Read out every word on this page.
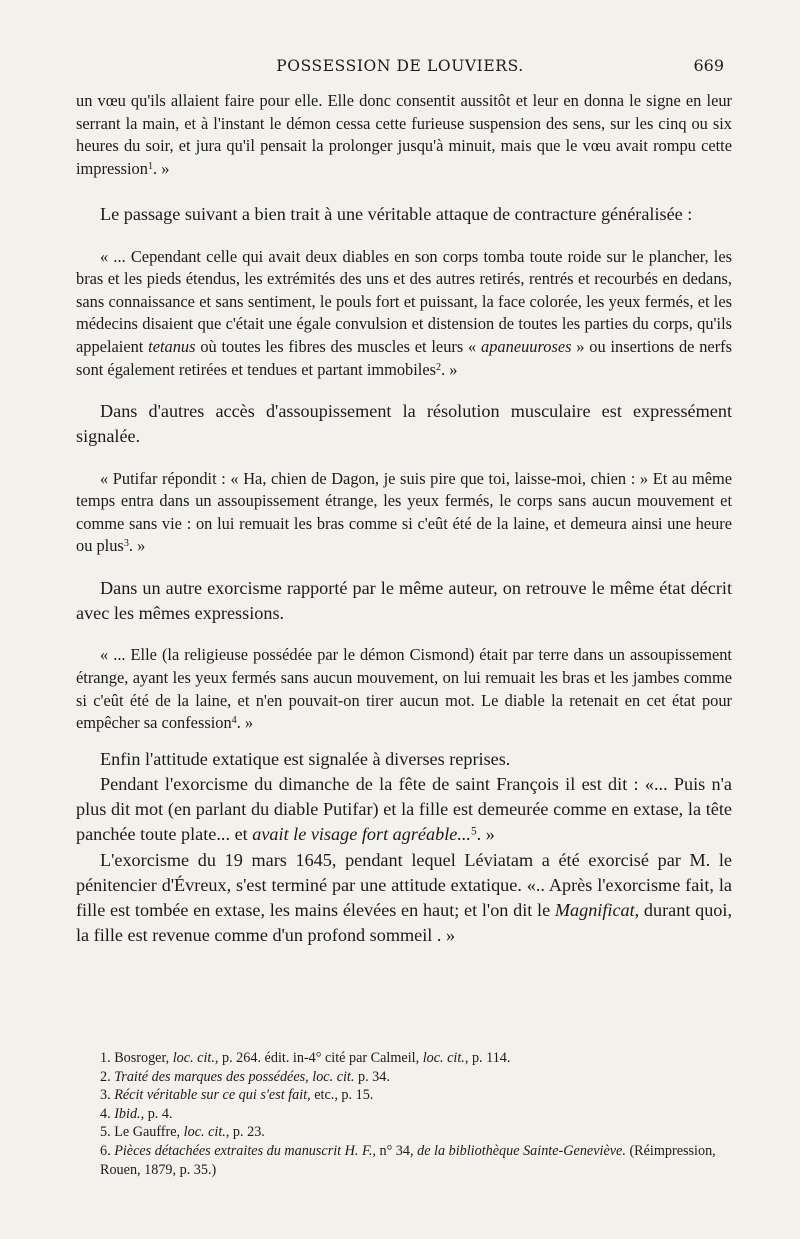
POSSESSION DE LOUVIERS.	669

un vœu qu'ils allaient faire pour elle. Elle donc consentit aussitôt et leur en donna le signe en leur serrant la main, et à l'instant le démon cessa cette furieuse suspension des sens, sur les cinq ou six heures du soir, et jura qu'il pensait la prolonger jusqu'à minuit, mais que le vœu avait rompu cette impression$^1$. »

Le passage suivant a bien trait à une véritable attaque de contracture généralisée :

« ... Cependant celle qui avait deux diables en son corps tomba toute roide sur le plancher, les bras et les pieds étendus, les extrémités des uns et des autres retirés, rentrés et recourbés en dedans, sans connaissance et sans sentiment, le pouls fort et puissant, la face colorée, les yeux fermés, et les médecins disaient que c'était une égale convulsion et distension de toutes les parties du corps, qu'ils appelaient tetanus où toutes les fibres des muscles et leurs « apaneuuroses » ou insertions de nerfs sont également retirées et tendues et partant immobiles$^2$. »

Dans d'autres accès d'assoupissement la résolution musculaire est expressément signalée.

« Putifar répondit : « Ha, chien de Dagon, je suis pire que toi, laisse-moi, chien : » Et au même temps entra dans un assoupissement étrange, les yeux fermés, le corps sans aucun mouvement et comme sans vie : on lui remuait les bras comme si c'eût été de la laine, et demeura ainsi une heure ou plus$^3$. »

Dans un autre exorcisme rapporté par le même auteur, on retrouve le même état décrit avec les mêmes expressions.

« ... Elle (la religieuse possédée par le démon Cismond) était par terre dans un assoupissement étrange, ayant les yeux fermés sans aucun mouvement, on lui remuait les bras et les jambes comme si c'eût été de la laine, et n'en pouvait-on tirer aucun mot. Le diable la retenait en cet état pour empêcher sa confession$^4$. »

Enfin l'attitude extatique est signalée à diverses reprises.

Pendant l'exorcisme du dimanche de la fête de saint François il est dit : «... Puis n'a plus dit mot (en parlant du diable Putifar) et la fille est demeurée comme en extase, la tête panchée toute plate... et avait le visage fort agréable...$^5$. »

L'exorcisme du 19 mars 1645, pendant lequel Léviatam a été exorcisé par M. le pénitencier d'Évreux, s'est terminé par une attitude extatique. «.. Après l'exorcisme fait, la fille est tombée en extase, les mains élevées en haut; et l'on dit le Magnificat, durant quoi, la fille est revenue comme d'un profond sommeil . »

1. Bosroger, loc. cit., p. 264. édit. in-4° cité par Calmeil, loc. cit., p. 114.

2. Traité des marques des possédées, loc. cit. p. 34.

3. Récit véritable sur ce qui s'est fait, etc., p. 15.

4. Ibid., p. 4.

5. Le Gauffre, loc. cit., p. 23.

6. Pièces détachées extraites du manuscrit H. F., n° 34, de la bibliothèque Sainte-Geneviève. (Réimpression, Rouen, 1879, p. 35.)
